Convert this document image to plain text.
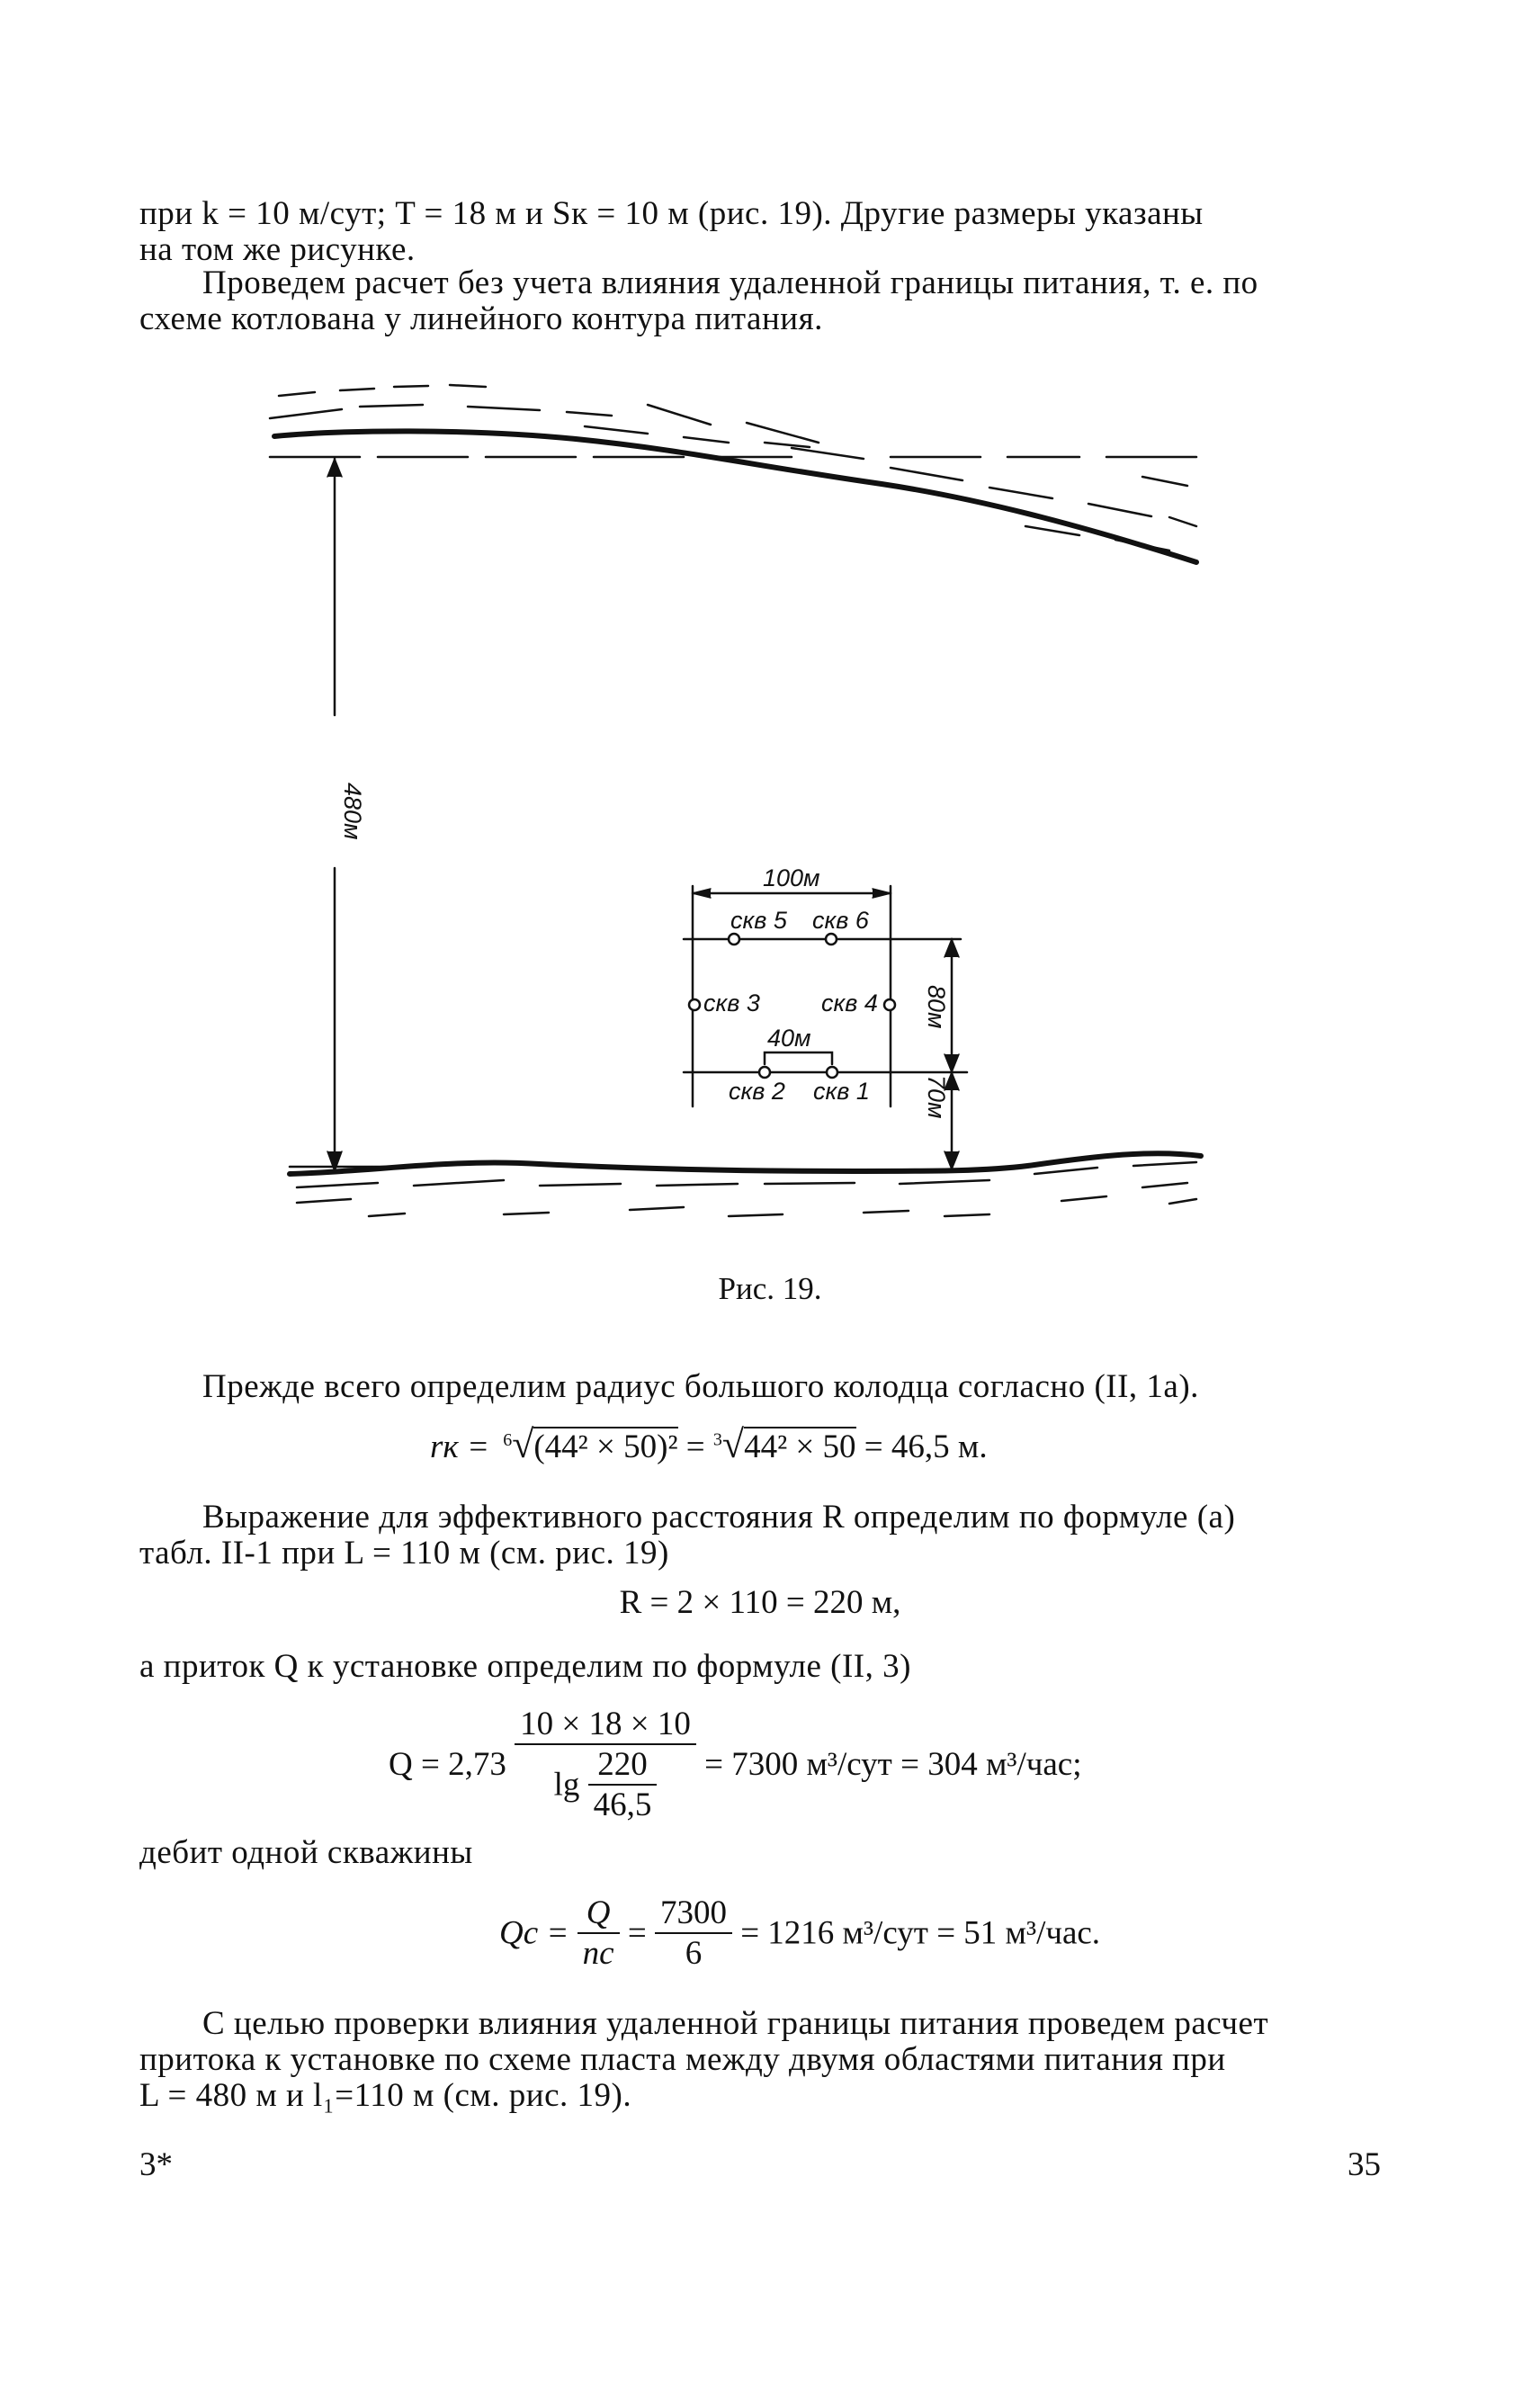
при k = 10 м/сут; T = 18 м и Sк = 10 м (рис. 19). Другие размеры указаны
на том же рисунке.
Проведем расчет без учета влияния удаленной границы питания, т. е. по
схеме котлована у линейного контура питания.
480м
100м
скв 5 скв 6
скв 3	скв 4
40м
80м
скв 2 скв 1 70м
Рис. 19.
Прежде всего определим радиус большого колодца согласно (II, 1а).
rк = $^6$√(44² × 50)² = $^3$√44² × 50 = 46,5 м.
Выражение для эффективного расстояния R определим по формуле (а)
табл. II-1 при L = 110 м (см. рис. 19)
R = 2 × 110 = 220 м,
а приток Q к установке определим по формуле (II, 3)
$Q = 2,73 \frac{10 \times 18 \times 10}{\lg \frac{220}{46,5}} = 7300$ м³/сут = 304 м³/час;
дебит одной скважины
Qс = $\frac{Q}{nс} = \frac{7300}{6} = 1216$ м³/сут = 51 м³/час.
С целью проверки влияния удаленной границы питания проведем расчет
притока к установке по схеме пласта между двумя областями питания при
L = 480 м и l₁=110 м (см. рис. 19).
3*	35
